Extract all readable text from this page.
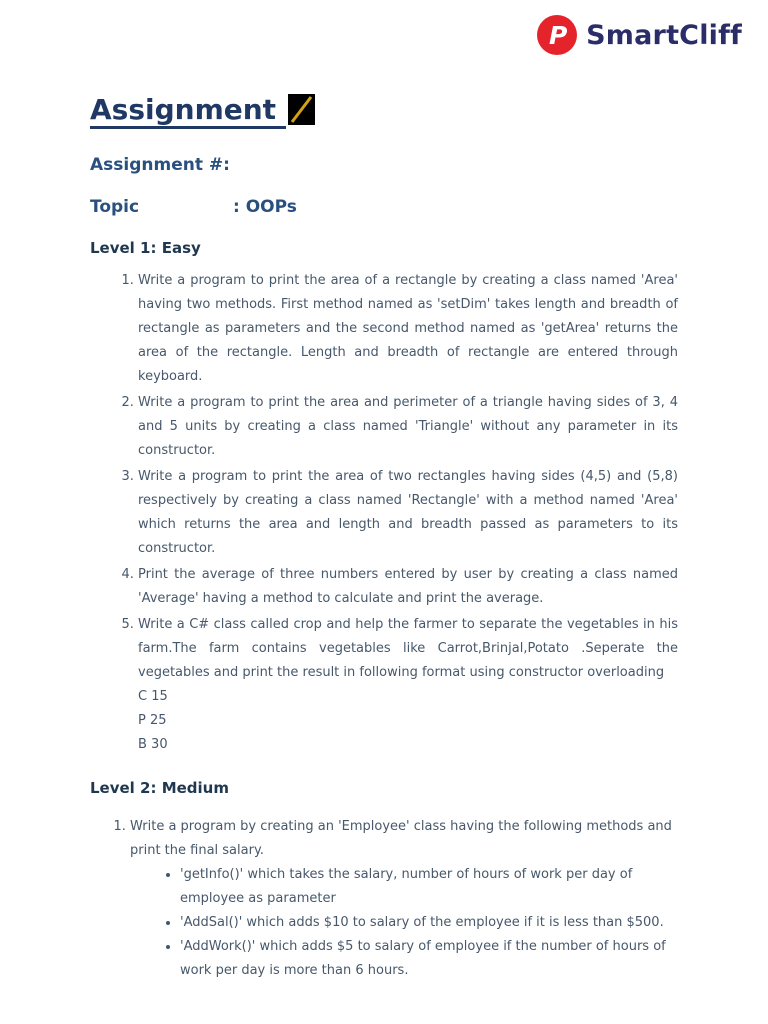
P SmartCliff
Assignment
Assignment #:
Topic	: OOPs
Level 1: Easy
1. Write a program to print the area of a rectangle by creating a class named 'Area' having two methods. First method named as 'setDim' takes length and breadth of rectangle as parameters and the second method named as 'getArea' returns the area of the rectangle. Length and breadth of rectangle are entered through keyboard.
2. Write a program to print the area and perimeter of a triangle having sides of 3, 4 and 5 units by creating a class named 'Triangle' without any parameter in its constructor.
3. Write a program to print the area of two rectangles having sides (4,5) and (5,8) respectively by creating a class named 'Rectangle' with a method named 'Area' which returns the area and length and breadth passed as parameters to its constructor.
4. Print the average of three numbers entered by user by creating a class named 'Average' having a method to calculate and print the average.
5. Write a C# class called crop and help the farmer to separate the vegetables in his farm.The farm contains vegetables like Carrot,Brinjal,Potato .Seperate the vegetables and print the result in following format using constructor overloading
C 15
P 25
B 30
Level 2: Medium
1. Write a program by creating an 'Employee' class having the following methods and print the final salary.
• 'getInfo()' which takes the salary, number of hours of work per day of employee as parameter
• 'AddSal()' which adds $10 to salary of the employee if it is less than $500.
• 'AddWork()' which adds $5 to salary of employee if the number of hours of work per day is more than 6 hours.
